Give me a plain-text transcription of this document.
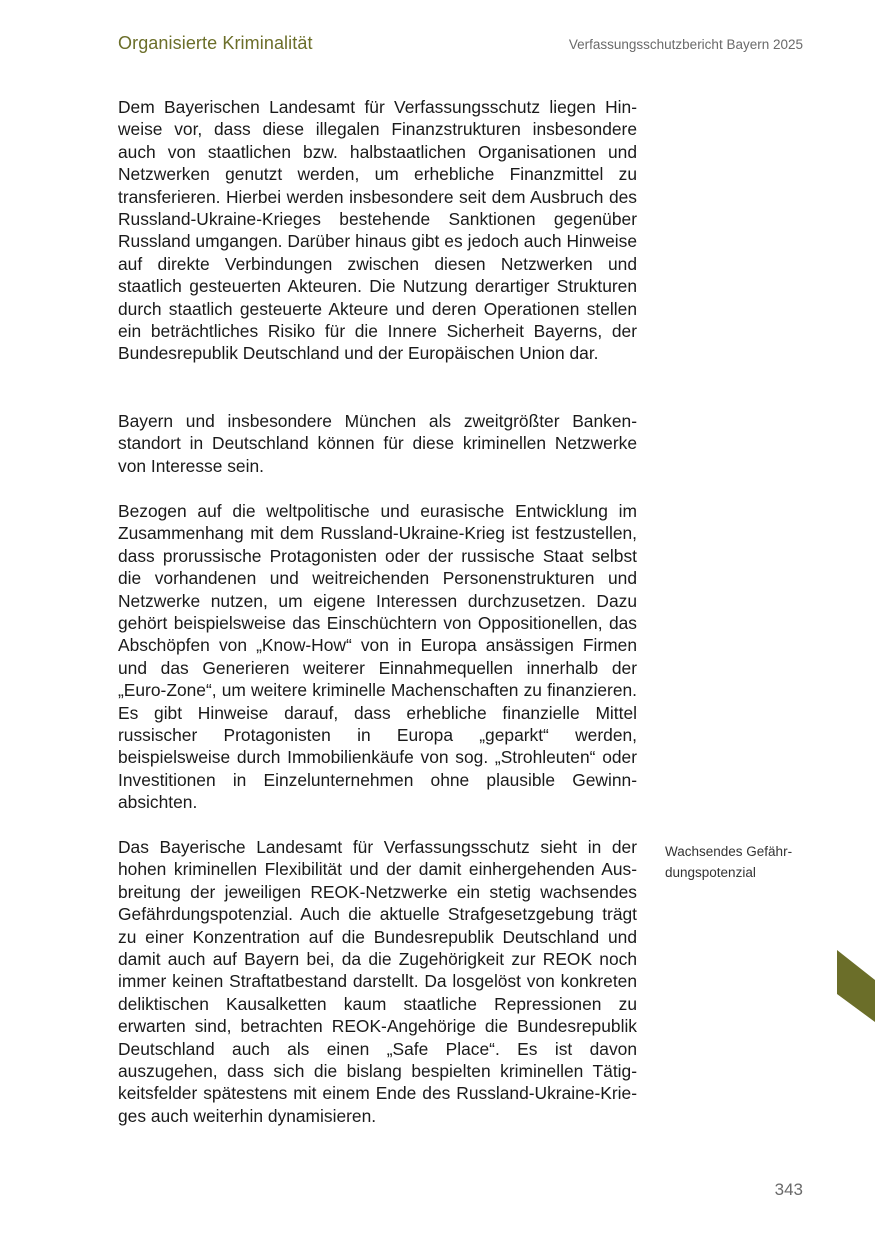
Organisierte Kriminalität	Verfassungsschutzbericht Bayern 2025

Dem Bayerischen Landesamt für Verfassungsschutz liegen Hinweise vor, dass diese illegalen Finanzstrukturen insbesondere auch von staatlichen bzw. halbstaatlichen Organisationen und Netzwerken genutzt werden, um erhebliche Finanzmittel zu transferieren. Hierbei werden insbesondere seit dem Ausbruch des Russland-Ukraine-Krieges bestehende Sanktionen gegenüber Russland umgangen. Darüber hinaus gibt es jedoch auch Hinweise auf direkte Verbindungen zwischen diesen Netzwerken und staatlich gesteuerten Akteuren. Die Nutzung derartiger Strukturen durch staatlich gesteuerte Akteure und deren Operationen stellen ein beträchtliches Risiko für die Innere Sicherheit Bayerns, der Bundesrepublik Deutschland und der Europäischen Union dar.

Bayern und insbesondere München als zweitgrößter Bankenstandort in Deutschland können für diese kriminellen Netzwerke von Interesse sein.

Bezogen auf die weltpolitische und eurasische Entwicklung im Zusammenhang mit dem Russland-Ukraine-Krieg ist festzustellen, dass prorussische Protagonisten oder der russische Staat selbst die vorhandenen und weitreichenden Personenstrukturen und Netzwerke nutzen, um eigene Interessen durchzusetzen. Dazu gehört beispielsweise das Einschüchtern von Oppositionellen, das Abschöpfen von „Know-How“ von in Europa ansässigen Firmen und das Generieren weiterer Einnahmequellen innerhalb der „Euro-Zone“, um weitere kriminelle Machenschaften zu finanzieren. Es gibt Hinweise darauf, dass erhebliche finanzielle Mittel russischer Protagonisten in Europa „geparkt“ werden, beispielsweise durch Immobilienkäufe von sog. „Strohleuten“ oder Investitionen in Einzelunternehmen ohne plausible Gewinnabsichten.

Das Bayerische Landesamt für Verfassungsschutz sieht in der hohen kriminellen Flexibilität und der damit einhergehenden Ausbreitung der jeweiligen REOK-Netzwerke ein stetig wachsendes Gefährdungspotenzial. Auch die aktuelle Strafgesetzgebung trägt zu einer Konzentration auf die Bundesrepublik Deutschland und damit auch auf Bayern bei, da die Zugehörigkeit zur REOK noch immer keinen Straftatbestand darstellt. Da losgelöst von konkreten deliktischen Kausalketten kaum staatliche Repressionen zu erwarten sind, betrachten REOK-Angehörige die Bundesrepublik Deutschland auch als einen „Safe Place“. Es ist davon auszugehen, dass sich die bislang bespielten kriminellen Tätigkeitsfelder spätestens mit einem Ende des Russland-Ukraine-Krieges auch weiterhin dynamisieren.

Wachsendes Gefährdungspotenzial
343
